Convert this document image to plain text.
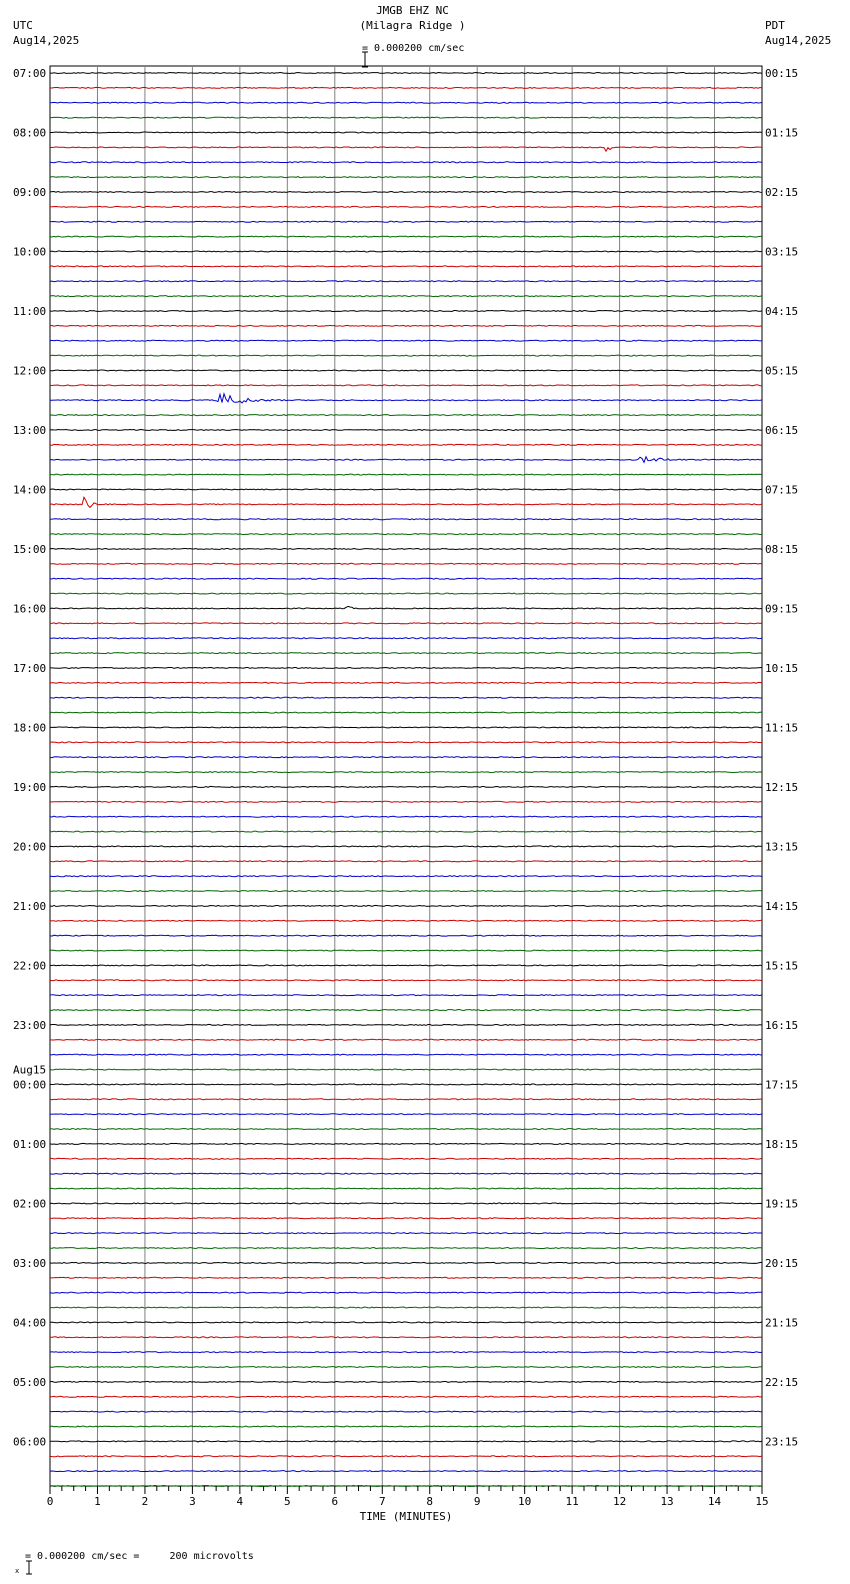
JMGB EHZ NC
(Milagra Ridge )

= 0.000200 cm/sec
UTC
Aug14,2025
PDT
Aug14,2025
07:00	00:15
08:00	01:15
09:00	02:15
10:00	03:15
11:00	04:15
12:00	05:15
13:00	06:15
14:00	07:15
15:00	08:15
16:00	09:15
17:00	10:15
18:00	11:15
19:00	12:15
20:00	13:15
21:00	14:15
22:00	15:15
23:00	16:15
00:00	17:15
01:00	18:15
02:00	19:15
03:00	20:15
04:00	21:15
05:00	22:15
06:00	23:15
Aug15
0	1	2	3	4	5	6	7	8	9	10	11	12	13	14	15
TIME (MINUTES)

x

= 0.000200 cm/sec =     200 microvolts
